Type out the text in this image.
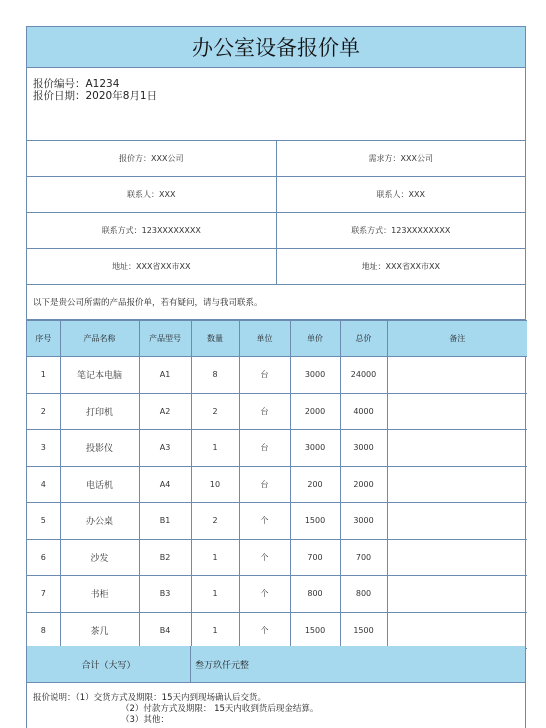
办公室设备报价单
报价编号：A1234
报价日期：2020年8月1日
报价方：XXX公司	需求方：XXX公司
联系人：XXX	联系人：XXX
联系方式：123XXXXXXXX	联系方式：123XXXXXXXX
地址：XXX省XX市XX	地址：XXX省XX市XX
以下是贵公司所需的产品报价单，若有疑问，请与我司联系。
序号	产品名称	产品型号	数量	单位	单价	总价	备注
1	笔记本电脑	A1	8	台	3000	24000	
2	打印机	A2	2	台	2000	4000	
3	投影仪	A3	1	台	3000	3000	
4	电话机	A4	10	台	200	2000	
5	办公桌	B1	2	个	1500	3000	
6	沙发	B2	1	个	700	700	
7	书柜	B3	1	个	800	800	
8	茶几	B4	1	个	1500	1500	
合计（大写）	叁万玖仟元整
报价说明：（1）交货方式及期限：15天内到现场确认后交货。
（2）付款方式及期限： 15天内收到货后现金结算。
（3）其他：
